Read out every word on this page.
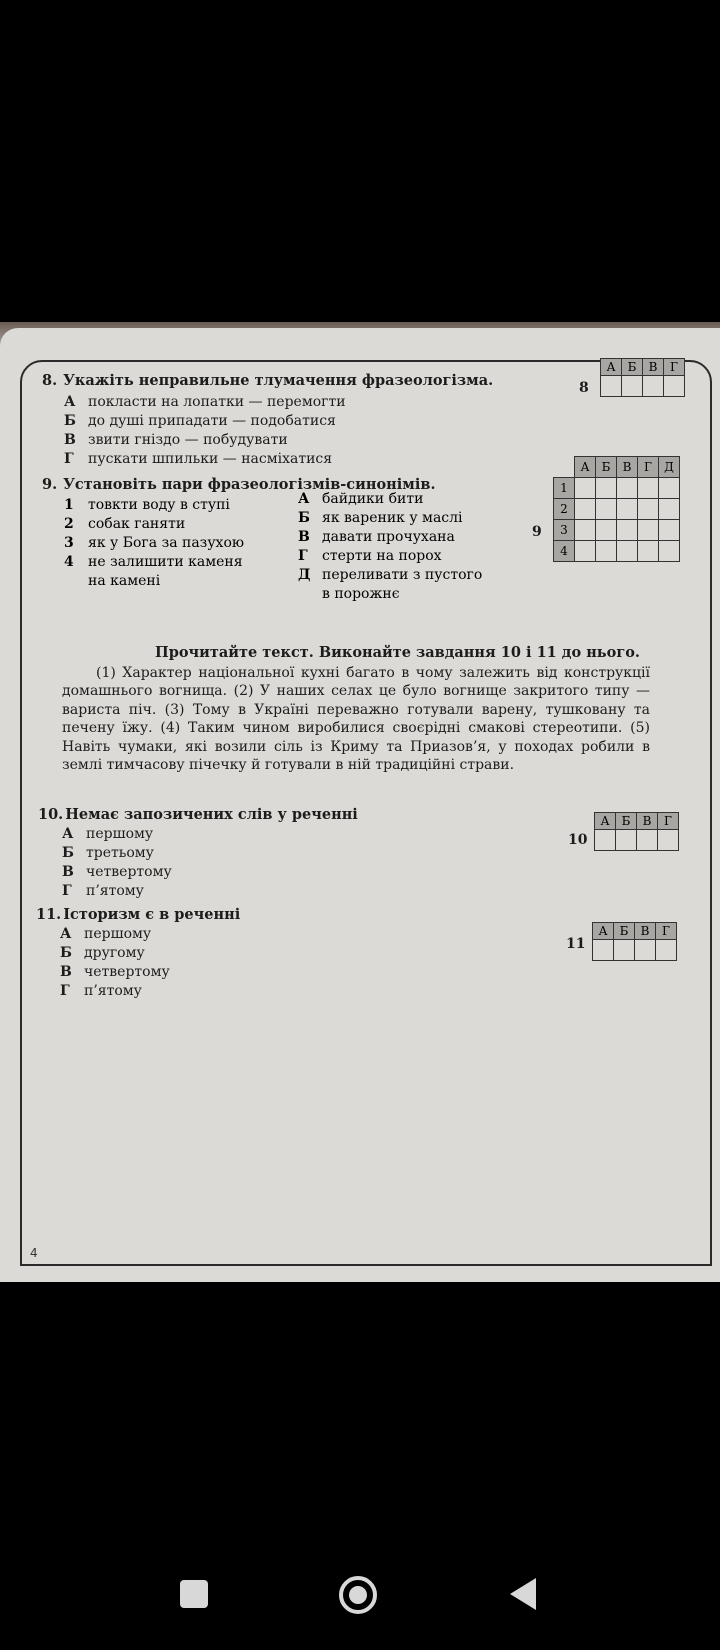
8. Укажіть неправильне тлумачення фразеологізма.
А покласти на лопатки — перемогти
Б до душі припадати — подобатися
В звити гніздо — побудувати
Г пускати шпильки — насміхатися
8
А	Б	В	Г

9. Установіть пари фразеологізмів-синонімів.
1 товкти воду в ступі
2 собак ганяти
3 як у Бога за пазухою
4 не залишити каменя
на камені
А байдики бити
Б як вареник у маслі
В давати прочухана
Г стерти на порох
Д переливати з пустого
в порожнє
9
	А	Б	В	Г	Д
1					
2					
3					
4					
Прочитайте текст. Виконайте завдання 10 і 11 до нього.

(1) Характер національної кухні багато в чому залежить від конструкції домашнього вогнища. (2) У наших селах це було вогнище закритого типу — вариста піч. (3) Тому в Україні переважно готували варену, тушковану та печену їжу. (4) Таким чином виробилися своєрідні смакові стереотипи. (5) Навіть чумаки, які возили сіль із Криму та Приазов’я, у походах робили в землі тимчасову пічечку й готували в ній традиційні страви.

10. Немає запозичених слів у реченні
А першому
Б третьому
В четвертому
Г п’ятому
10
А	Б	В	Г

11. Історизм є в реченні
А першому
Б другому
В четвертому
Г п’ятому
11
А	Б	В	Г

4
